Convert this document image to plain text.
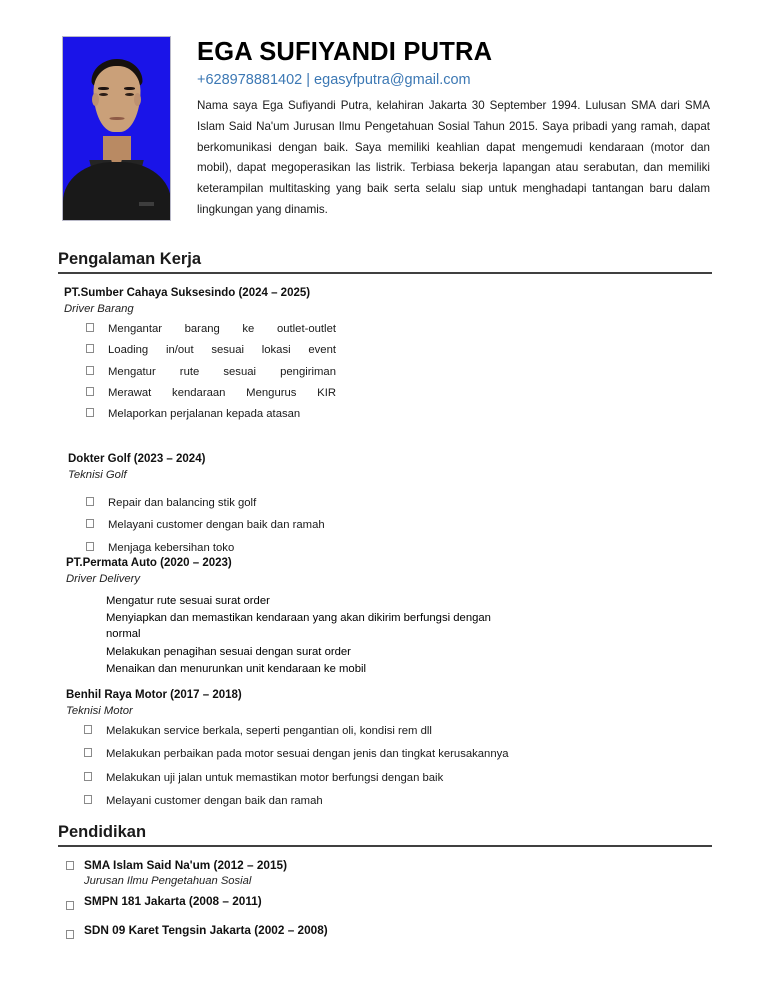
EGA SUFIYANDI PUTRA
+628978881402 | egasyfputra@gmail.com
Nama saya Ega Sufiyandi Putra, kelahiran Jakarta 30 September 1994. Lulusan SMA dari SMA Islam Said Na'um Jurusan Ilmu Pengetahuan Sosial Tahun 2015. Saya pribadi yang ramah, dapat berkomunikasi dengan baik. Saya memiliki keahlian dapat mengemudi kendaraan (motor dan mobil), dapat megoperasikan las listrik. Terbiasa bekerja lapangan atau serabutan, dan memiliki keterampilan multitasking yang baik serta selalu siap untuk menghadapi tantangan baru dalam lingkungan yang dinamis.
Pengalaman Kerja
PT.Sumber Cahaya Suksesindo (2024 – 2025)
Driver Barang
Mengantar barang ke outlet-outlet
Loading in/out sesuai lokasi event
Mengatur rute sesuai pengiriman
Merawat kendaraan Mengurus KIR
Melaporkan perjalanan kepada atasan
Dokter Golf (2023 – 2024)
Teknisi Golf
Repair dan balancing stik golf
Melayani customer dengan baik dan ramah
Menjaga kebersihan toko
PT.Permata Auto (2020 – 2023)
Driver Delivery
Mengatur rute sesuai surat order
Menyiapkan dan memastikan kendaraan yang akan dikirim berfungsi dengan normal
Melakukan penagihan sesuai dengan surat order
Menaikan dan menurunkan unit kendaraan ke mobil
Benhil Raya Motor (2017 – 2018)
Teknisi Motor
Melakukan service berkala, seperti pengantian oli, kondisi rem dll
Melakukan perbaikan pada motor sesuai dengan jenis dan tingkat kerusakannya
Melakukan uji jalan untuk memastikan motor berfungsi dengan baik
Melayani customer dengan baik dan ramah
Pendidikan
SMA Islam Said Na'um (2012 – 2015)
Jurusan Ilmu Pengetahuan Sosial
SMPN 181 Jakarta (2008 – 2011)
SDN 09 Karet Tengsin Jakarta (2002 – 2008)
